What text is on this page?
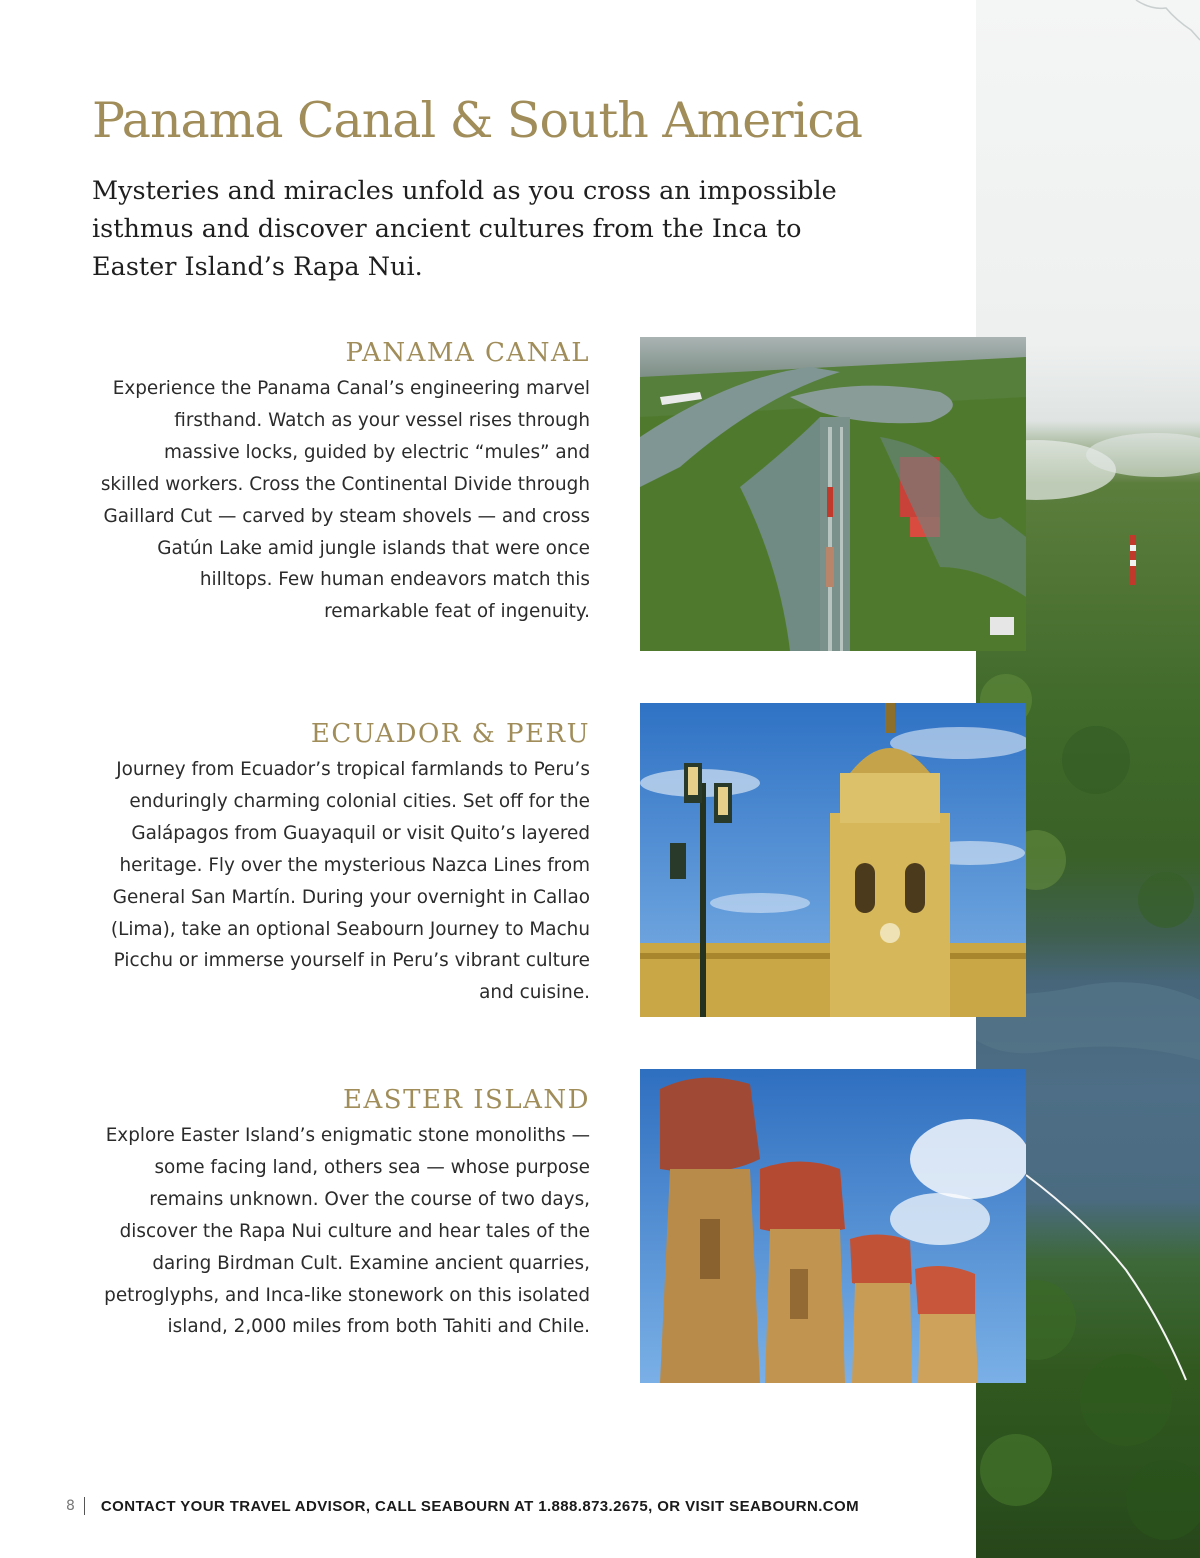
Panama Canal & South America

Mysteries and miracles unfold as you cross an impossible isthmus and discover ancient cultures from the Inca to Easter Island’s Rapa Nui.

PANAMA CANAL

Experience the Panama Canal’s engineering marvel firsthand. Watch as your vessel rises through massive locks, guided by electric “mules” and skilled workers. Cross the Continental Divide through Gaillard Cut — carved by steam shovels — and cross Gatún Lake amid jungle islands that were once hilltops. Few human endeavors match this remarkable feat of ingenuity.

ECUADOR & PERU

Journey from Ecuador’s tropical farmlands to Peru’s enduringly charming colonial cities. Set off for the Galápagos from Guayaquil or visit Quito’s layered heritage. Fly over the mysterious Nazca Lines from General San Martín. During your overnight in Callao (Lima), take an optional Seabourn Journey to Machu Picchu or immerse yourself in Peru’s vibrant culture and cuisine.

EASTER ISLAND

Explore Easter Island’s enigmatic stone monoliths — some facing land, others sea — whose purpose remains unknown. Over the course of two days, discover the Rapa Nui culture and hear tales of the daring Birdman Cult. Examine ancient quarries, petroglyphs, and Inca-like stonework on this isolated island, 2,000 miles from both Tahiti and Chile.

8 CONTACT YOUR TRAVEL ADVISOR, CALL SEABOURN AT 1.888.873.2675, OR VISIT SEABOURN.COM
